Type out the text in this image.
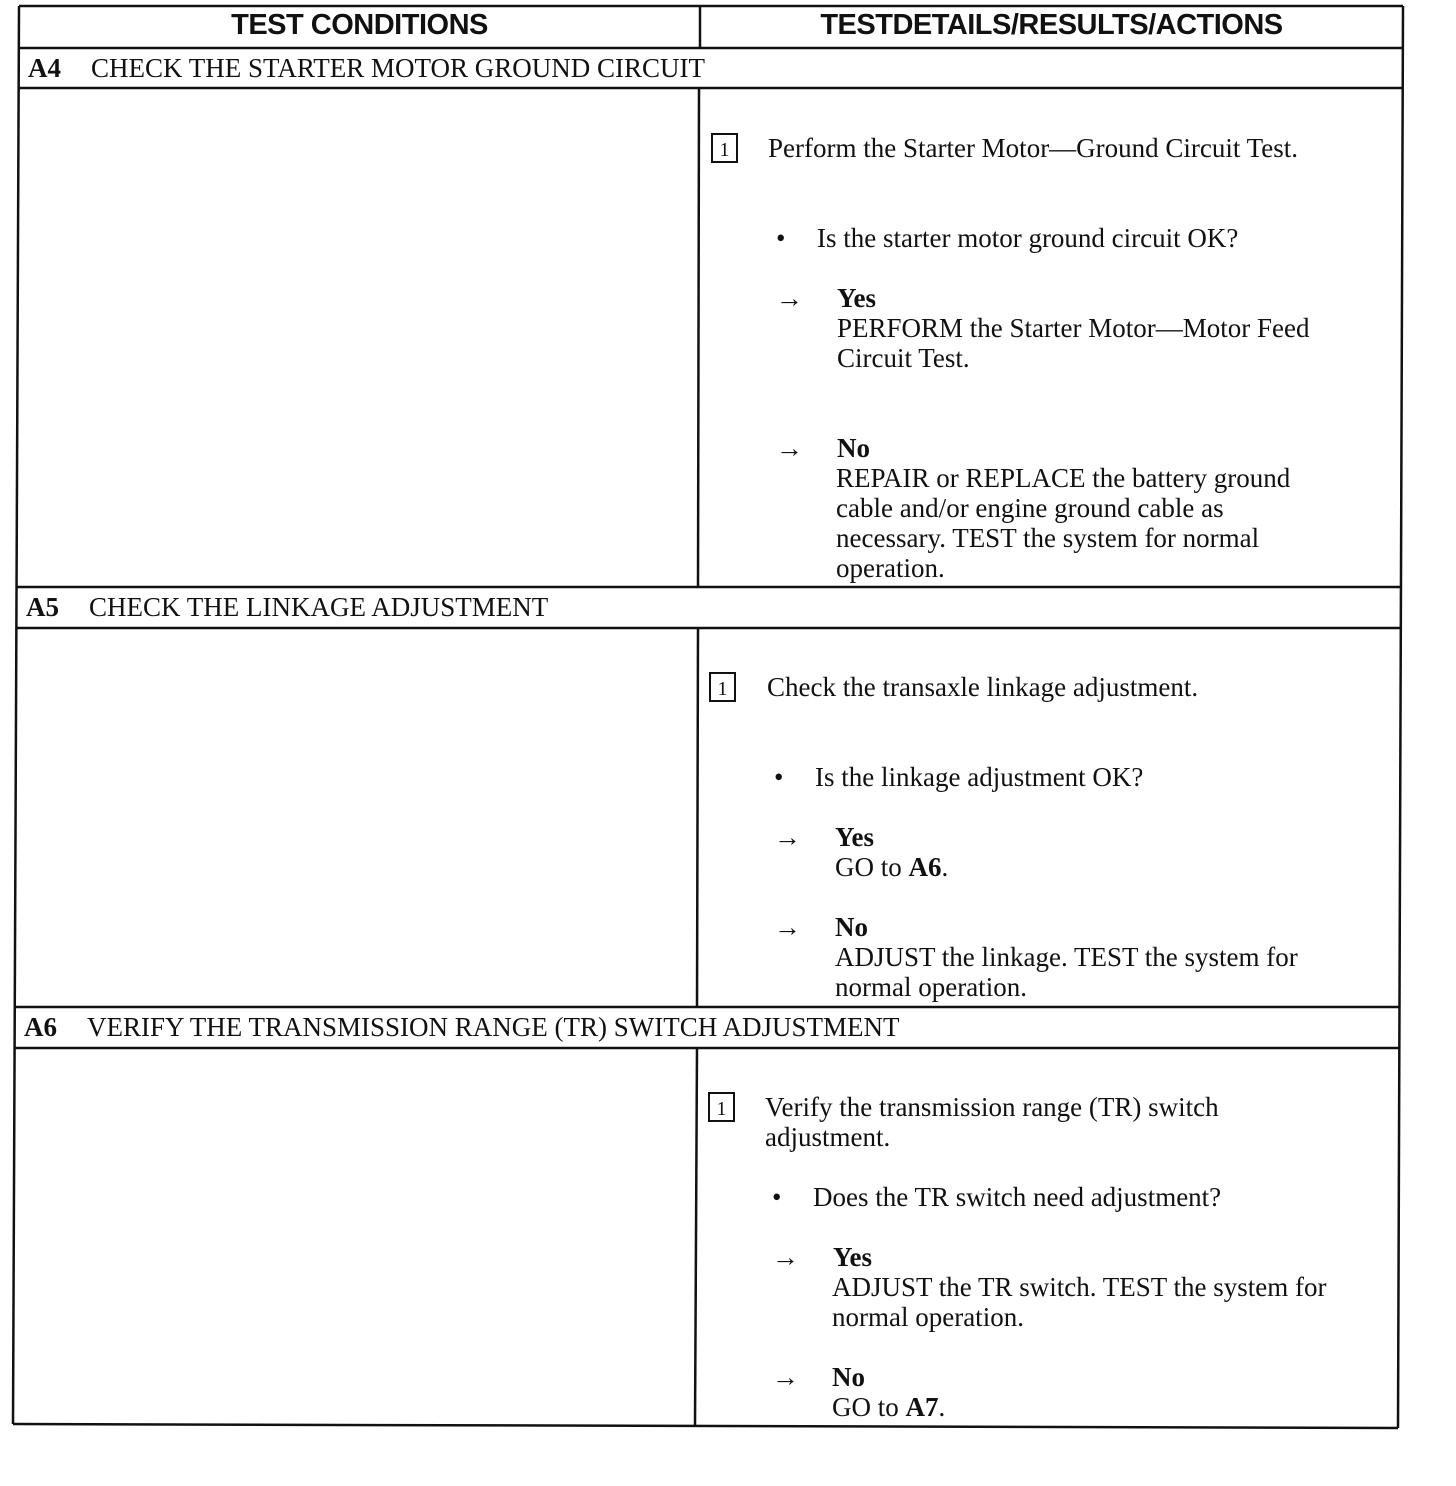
TEST CONDITIONS	TESTDETAILS/RESULTS/ACTIONS
A4 CHECK THE STARTER MOTOR GROUND CIRCUIT
1	Perform the Starter Motor—Ground Circuit Test.
• Is the starter motor ground circuit OK?
→ Yes
PERFORM the Starter Motor—Motor Feed
Circuit Test.
→ No
REPAIR or REPLACE the battery ground
cable and/or engine ground cable as
necessary. TEST the system for normal
operation.
A5 CHECK THE LINKAGE ADJUSTMENT
1	Check the transaxle linkage adjustment.
• Is the linkage adjustment OK?
→ Yes
GO to A6.
→ No
ADJUST the linkage. TEST the system for
normal operation.
A6 VERIFY THE TRANSMISSION RANGE (TR) SWITCH ADJUSTMENT
1	Verify the transmission range (TR) switch
adjustment.
• Does the TR switch need adjustment?
→ Yes
ADJUST the TR switch. TEST the system for
normal operation.
→ No
GO to A7.
